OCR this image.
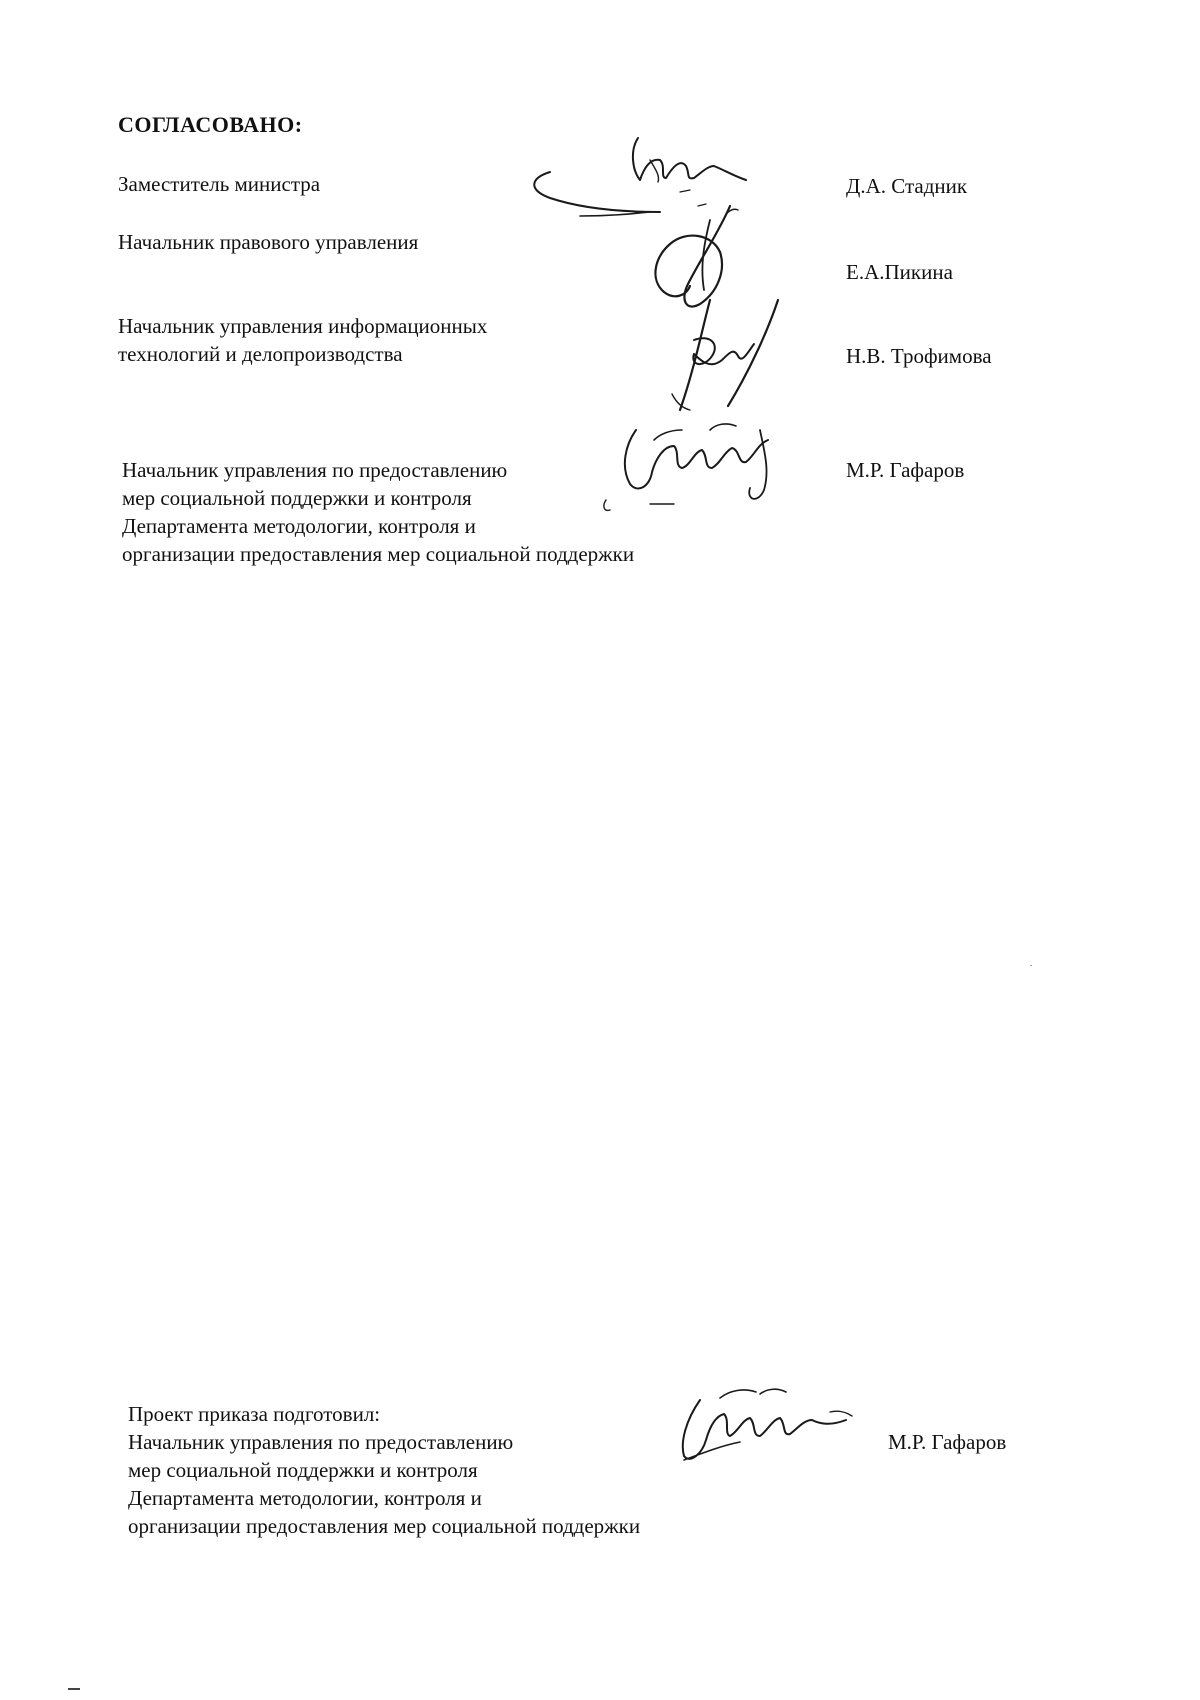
СОГЛАСОВАНО:
Заместитель министра	Д.А. Стадник
Начальник правового управления
Е.А.Пикина
Начальник управления информационных
технологий и делопроизводства	Н.В. Трофимова
Начальник управления по предоставлению
мер социальной поддержки и контроля
Департамента методологии, контроля и
организации предоставления мер социальной поддержки
М.Р. Гафаров
Проект приказа подготовил:
Начальник управления по предоставлению
мер социальной поддержки и контроля
Департамента методологии, контроля и
организации предоставления мер социальной поддержки
М.Р. Гафаров
